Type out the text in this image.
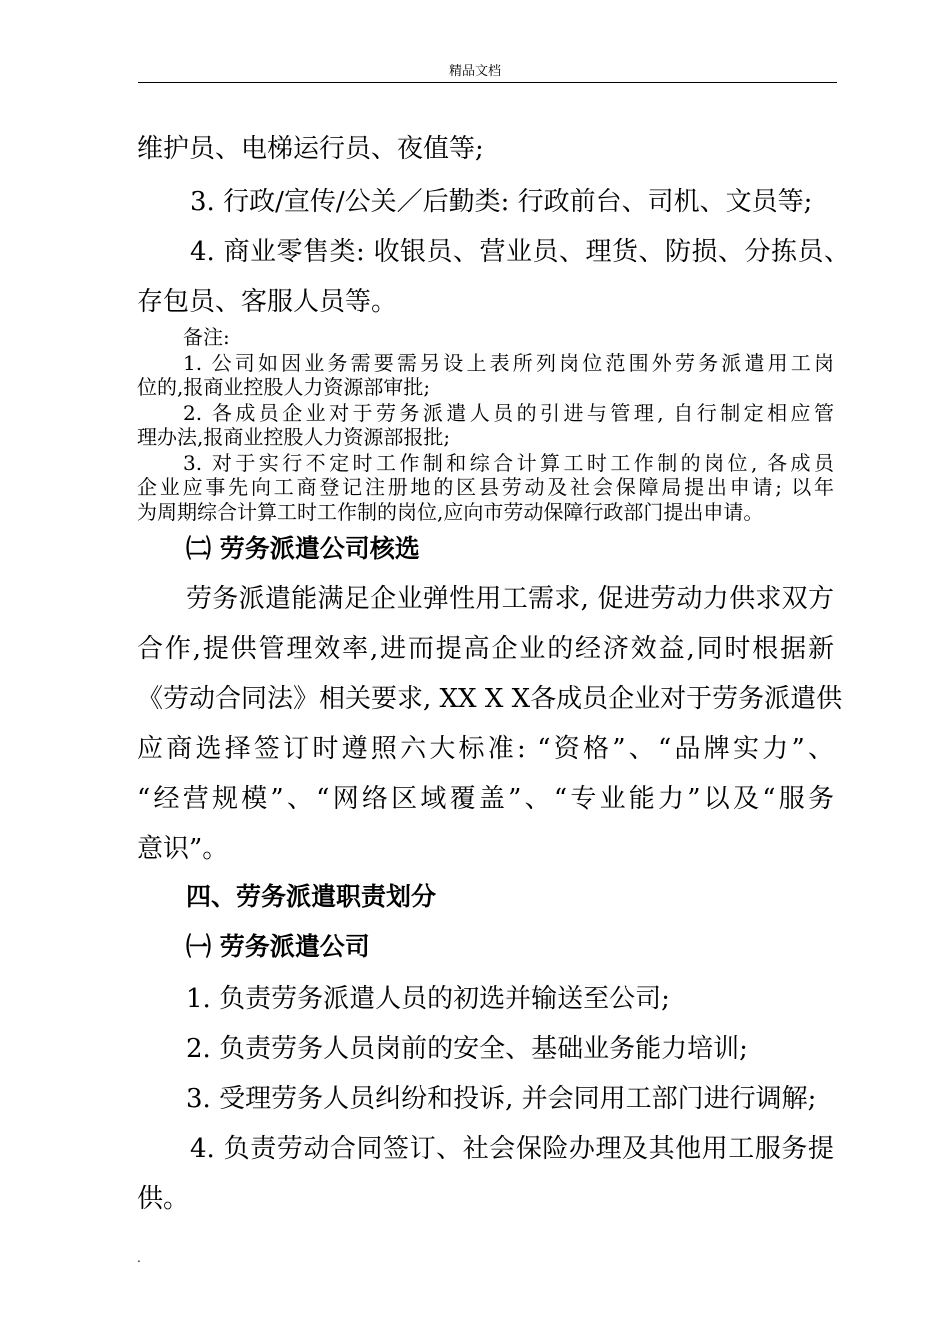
精品文档
维护员、电梯运行员、夜值等;
3. 行政/宣传/公关／后勤类: 行政前台、司机、文员等;
4. 商业零售类: 收银员、营业员、理货、防损、分拣员、
存包员、客服人员等。
备注:
1. 公司如因业务需要需另设上表所列岗位范围外劳务派遣用工岗
位的,报商业控股人力资源部审批;
2. 各成员企业对于劳务派遣人员的引进与管理, 自行制定相应管
理办法,报商业控股人力资源部报批;
3. 对于实行不定时工作制和综合计算工时工作制的岗位, 各成员
企业应事先向工商登记注册地的区县劳动及社会保障局提出申请; 以年
为周期综合计算工时工作制的岗位,应向市劳动保障行政部门提出申请。
㈡ 劳务派遣公司核选
劳务派遣能满足企业弹性用工需求, 促进劳动力供求双方
合作,提供管理效率,进而提高企业的经济效益,同时根据新
《劳动合同法》相关要求, XX X X各成员企业对于劳务派遣供
应商选择签订时遵照六大标准: “资格”、“品牌实力”、
“经营规模”、“网络区域覆盖”、“专业能力”以及“服务
意识”。
四、劳务派遣职责划分
㈠ 劳务派遣公司
1. 负责劳务派遣人员的初选并输送至公司;
2. 负责劳务人员岗前的安全、基础业务能力培训;
3. 受理劳务人员纠纷和投诉, 并会同用工部门进行调解;
4. 负责劳动合同签订、社会保险办理及其他用工服务提
供。
.
